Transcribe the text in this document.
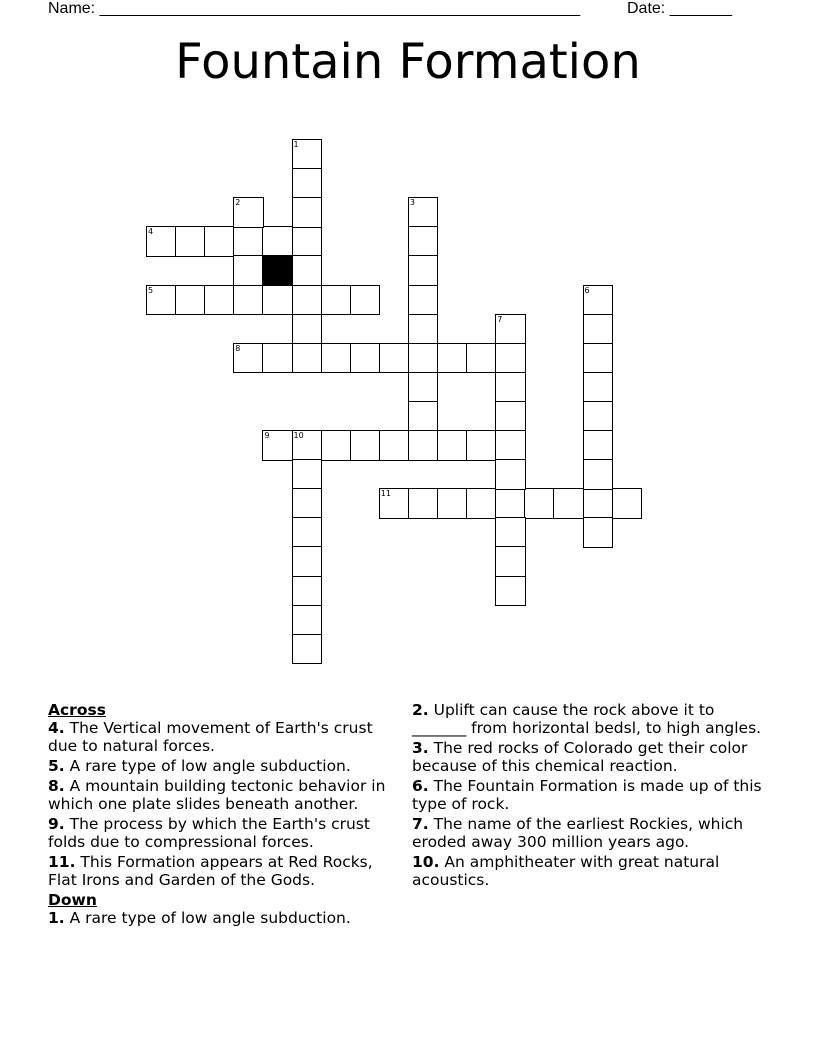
Name: ______________________________________________________	Date: _______
Fountain Formation
4
5
8
9	10
11
1
2	3
6
7
Across
4. The Vertical movement of Earth's crust due to natural forces.
5. A rare type of low angle subduction.
8. A mountain building tectonic behavior in which one plate slides beneath another.
9. The process by which the Earth's crust folds due to compressional forces.
11. This Formation appears at Red Rocks, Flat Irons and Garden of the Gods.
Down
1. A rare type of low angle subduction.
2. Uplift can cause the rock above it to _______ from horizontal bedsl, to high angles.
3. The red rocks of Colorado get their color because of this chemical reaction.
6. The Fountain Formation is made up of this type of rock.
7. The name of the earliest Rockies, which eroded away 300 million years ago.
10. An amphitheater with great natural acoustics.
